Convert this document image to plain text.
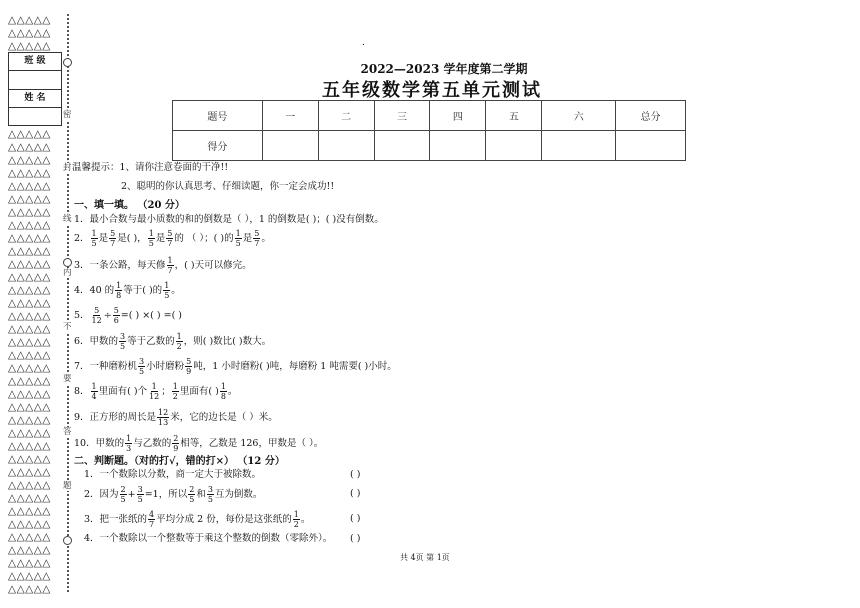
△△△△△
△△△△△
△△△△△
班 级
姓 名
△△△△△
△△△△△
△△△△△
△△△△△
△△△△△
△△△△△
△△△△△
△△△△△
△△△△△
△△△△△
△△△△△
△△△△△
△△△△△
△△△△△
△△△△△
△△△△△
△△△△△
△△△△△
△△△△△
△△△△△
△△△△△
△△△△△
△△△△△
△△△△△
△△△△△
△△△△△
△△△△△
△△△△△
△△△△△
△△△△△
△△△△△
△△△△△
△△△△△
△△△△△
△△△△△
△△△△△
密
封
线
内
不
要
答
题
.
2022—2023 学年度第二学期
五年级数学第五单元测试
题号	一	二	三	四	五	六	总分
得分							
温馨提示：1、请你注意卷面的干净!!
2、聪明的你认真思考、仔细读题，你一定会成功!!
一、填一填。 （20 分）
1．最小合数与最小质数的和的倒数是（ ），1 的倒数是( )；( )没有倒数。
2． $\frac{1}{5}$ 是 $\frac{5}{7}$ 是( )， $\frac{1}{5}$ 是 $\frac{5}{7}$ 的 （ ）；( )的 $\frac{1}{5}$ 是 $\frac{5}{7}$ 。
3．一条公路，每天修 $\frac{1}{7}$ ，( )天可以修完。
4．40 的 $\frac{1}{8}$ 等于( )的 $\frac{1}{5}$ 。
5． $\frac{5}{12} \div \frac{5}{6}$ =( ) ×( ) =( )
6．甲数的 $\frac{3}{5}$ 等于乙数的 $\frac{1}{2}$ ，则( )数比( )数大。
7．一种磨粉机 $\frac{3}{5}$ 小时磨粉 $\frac{5}{9}$ 吨，1 小时磨粉( )吨，每磨粉 1 吨需要( )小时。
8． $\frac{1}{4}$ 里面有( )个 $\frac{1}{12}$ ； $\frac{1}{2}$ 里面有( ) $\frac{1}{8}$ 。
9．正方形的周长是 $\frac{12}{13}$ 米，它的边长是（ ）米。
10．甲数的 $\frac{1}{3}$ 与乙数的 $\frac{2}{9}$ 相等，乙数是 126，甲数是（ ）。
二、判断题。（对的打√，错的打×） （12 分）
1．一个数除以分数，商一定大于被除数。	( )
2．因为 $\frac{2}{5} + \frac{3}{5} =1$，所以 $\frac{2}{5}$ 和 $\frac{3}{5}$ 互为倒数。	( )
3．把一张纸的 $\frac{4}{7}$ 平均分成 2 份，每份是这张纸的 $\frac{1}{2}$ 。	( )
4．一个数除以一个整数等于乘这个整数的倒数（零除外）。 ( )
共 4页 第 1页
